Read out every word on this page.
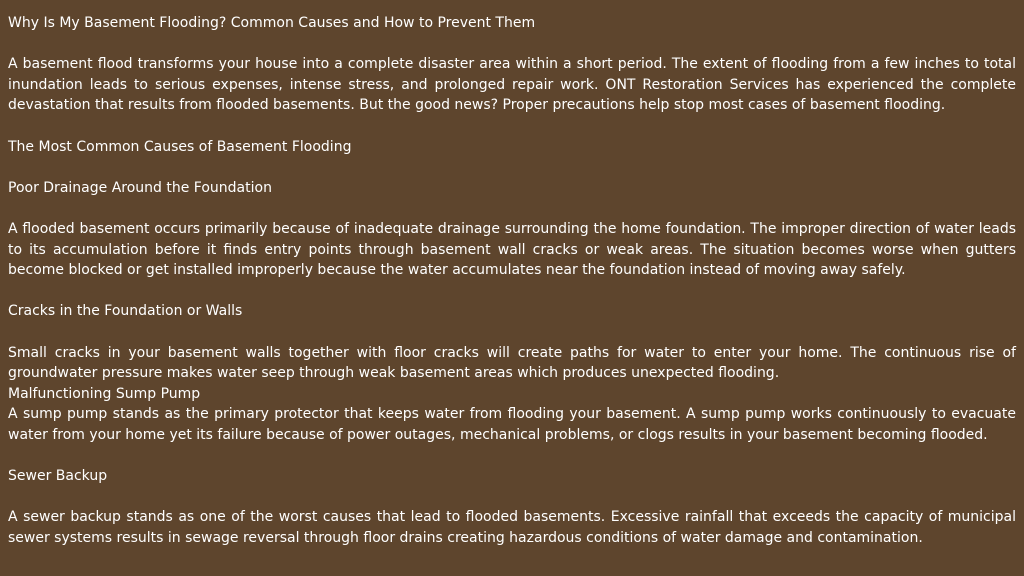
Why Is My Basement Flooding? Common Causes and How to Prevent Them

A basement flood transforms your house into a complete disaster area within a short period. The extent of flooding from a few inches to total inundation leads to serious expenses, intense stress, and prolonged repair work. ONT Restoration Services has experienced the complete devastation that results from flooded basements. But the good news? Proper precautions help stop most cases of basement flooding.

The Most Common Causes of Basement Flooding

Poor Drainage Around the Foundation

A flooded basement occurs primarily because of inadequate drainage surrounding the home foundation. The improper direction of water leads to its accumulation before it finds entry points through basement wall cracks or weak areas. The situation becomes worse when gutters become blocked or get installed improperly because the water accumulates near the foundation instead of moving away safely.

Cracks in the Foundation or Walls

Small cracks in your basement walls together with floor cracks will create paths for water to enter your home. The continuous rise of groundwater pressure makes water seep through weak basement areas which produces unexpected flooding.

Malfunctioning Sump Pump

A sump pump stands as the primary protector that keeps water from flooding your basement. A sump pump works continuously to evacuate water from your home yet its failure because of power outages, mechanical problems, or clogs results in your basement becoming flooded.

Sewer Backup

A sewer backup stands as one of the worst causes that lead to flooded basements. Excessive rainfall that exceeds the capacity of municipal sewer systems results in sewage reversal through floor drains creating hazardous conditions of water damage and contamination.
